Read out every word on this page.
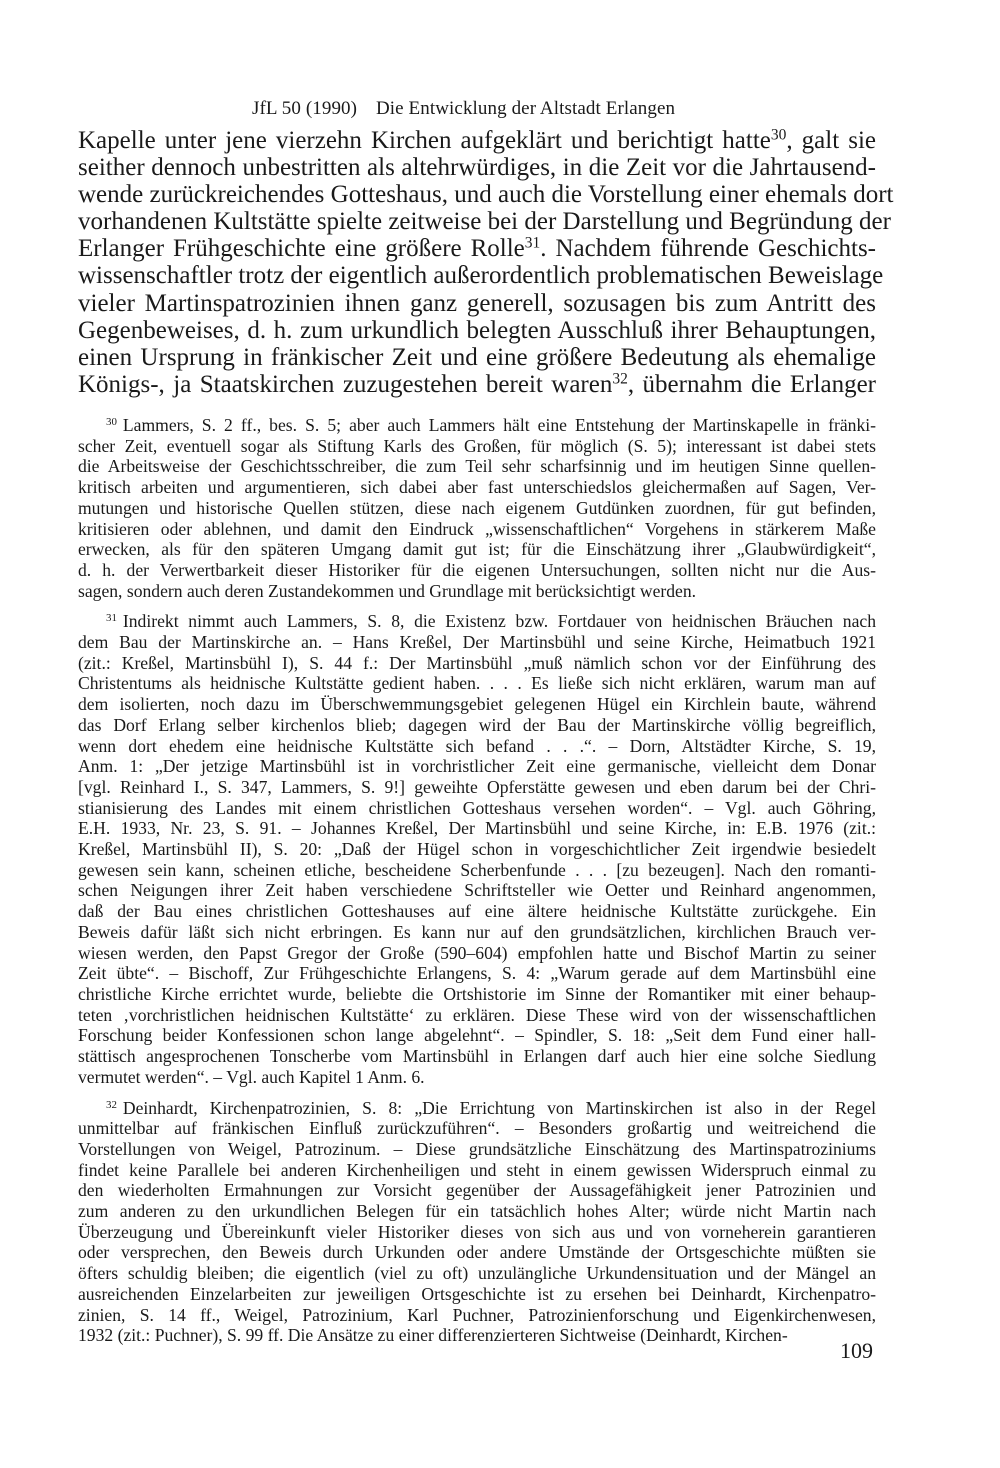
JfL 50 (1990) Die Entwicklung der Altstadt Erlangen
Kapelle unter jene vierzehn Kirchen aufgeklärt und berichtigt hatte$^{30}$, galt sie
seither dennoch unbestritten als altehrwürdiges, in die Zeit vor die Jahrtausend-
wende zurückreichendes Gotteshaus, und auch die Vorstellung einer ehemals dort
vorhandenen Kultstätte spielte zeitweise bei der Darstellung und Begründung der
Erlanger Frühgeschichte eine größere Rolle$^{31}$. Nachdem führende Geschichts-
wissenschaftler trotz der eigentlich außerordentlich problematischen Beweislage
vieler Martinspatrozinien ihnen ganz generell, sozusagen bis zum Antritt des
Gegenbeweises, d. h. zum urkundlich belegten Ausschluß ihrer Behauptungen,
einen Ursprung in fränkischer Zeit und eine größere Bedeutung als ehemalige
Königs-, ja Staatskirchen zuzugestehen bereit waren$^{32}$, übernahm die Erlanger
$^{30}$ Lammers, S. 2 ff., bes. S. 5; aber auch Lammers hält eine Entstehung der Martinskapelle in fränki-
scher Zeit, eventuell sogar als Stiftung Karls des Großen, für möglich (S. 5); interessant ist dabei stets
die Arbeitsweise der Geschichtsschreiber, die zum Teil sehr scharfsinnig und im heutigen Sinne quellen-
kritisch arbeiten und argumentieren, sich dabei aber fast unterschiedslos gleichermaßen auf Sagen, Ver-
mutungen und historische Quellen stützen, diese nach eigenem Gutdünken zuordnen, für gut befinden,
kritisieren oder ablehnen, und damit den Eindruck „wissenschaftlichen“ Vorgehens in stärkerem Maße
erwecken, als für den späteren Umgang damit gut ist; für die Einschätzung ihrer „Glaubwürdigkeit“,
d. h. der Verwertbarkeit dieser Historiker für die eigenen Untersuchungen, sollten nicht nur die Aus-
sagen, sondern auch deren Zustandekommen und Grundlage mit berücksichtigt werden.
$^{31}$ Indirekt nimmt auch Lammers, S. 8, die Existenz bzw. Fortdauer von heidnischen Bräuchen nach
dem Bau der Martinskirche an. – Hans Kreßel, Der Martinsbühl und seine Kirche, Heimatbuch 1921
(zit.: Kreßel, Martinsbühl I), S. 44 f.: Der Martinsbühl „muß nämlich schon vor der Einführung des
Christentums als heidnische Kultstätte gedient haben. . . . Es ließe sich nicht erklären, warum man auf
dem isolierten, noch dazu im Überschwemmungsgebiet gelegenen Hügel ein Kirchlein baute, während
das Dorf Erlang selber kirchenlos blieb; dagegen wird der Bau der Martinskirche völlig begreiflich,
wenn dort ehedem eine heidnische Kultstätte sich befand . . .“. – Dorn, Altstädter Kirche, S. 19,
Anm. 1: „Der jetzige Martinsbühl ist in vorchristlicher Zeit eine germanische, vielleicht dem Donar
[vgl. Reinhard I., S. 347, Lammers, S. 9!] geweihte Opferstätte gewesen und eben darum bei der Chri-
stianisierung des Landes mit einem christlichen Gotteshaus versehen worden“. – Vgl. auch Göhring,
E.H. 1933, Nr. 23, S. 91. – Johannes Kreßel, Der Martinsbühl und seine Kirche, in: E.B. 1976 (zit.:
Kreßel, Martinsbühl II), S. 20: „Daß der Hügel schon in vorgeschichtlicher Zeit irgendwie besiedelt
gewesen sein kann, scheinen etliche, bescheidene Scherbenfunde . . . [zu bezeugen]. Nach den romanti-
schen Neigungen ihrer Zeit haben verschiedene Schriftsteller wie Oetter und Reinhard angenommen,
daß der Bau eines christlichen Gotteshauses auf eine ältere heidnische Kultstätte zurückgehe. Ein
Beweis dafür läßt sich nicht erbringen. Es kann nur auf den grundsätzlichen, kirchlichen Brauch ver-
wiesen werden, den Papst Gregor der Große (590–604) empfohlen hatte und Bischof Martin zu seiner
Zeit übte“. – Bischoff, Zur Frühgeschichte Erlangens, S. 4: „Warum gerade auf dem Martinsbühl eine
christliche Kirche errichtet wurde, beliebte die Ortshistorie im Sinne der Romantiker mit einer behaup-
teten ‚vorchristlichen heidnischen Kultstätte‘ zu erklären. Diese These wird von der wissenschaftlichen
Forschung beider Konfessionen schon lange abgelehnt“. – Spindler, S. 18: „Seit dem Fund einer hall-
stättisch angesprochenen Tonscherbe vom Martinsbühl in Erlangen darf auch hier eine solche Siedlung
vermutet werden“. – Vgl. auch Kapitel 1 Anm. 6.
$^{32}$ Deinhardt, Kirchenpatrozinien, S. 8: „Die Errichtung von Martinskirchen ist also in der Regel
unmittelbar auf fränkischen Einfluß zurückzuführen“. – Besonders großartig und weitreichend die
Vorstellungen von Weigel, Patrozinum. – Diese grundsätzliche Einschätzung des Martinspatroziniums
findet keine Parallele bei anderen Kirchenheiligen und steht in einem gewissen Widerspruch einmal zu
den wiederholten Ermahnungen zur Vorsicht gegenüber der Aussagefähigkeit jener Patrozinien und
zum anderen zu den urkundlichen Belegen für ein tatsächlich hohes Alter; würde nicht Martin nach
Überzeugung und Übereinkunft vieler Historiker dieses von sich aus und von vorneherein garantieren
oder versprechen, den Beweis durch Urkunden oder andere Umstände der Ortsgeschichte müßten sie
öfters schuldig bleiben; die eigentlich (viel zu oft) unzulängliche Urkundensituation und der Mängel an
ausreichenden Einzelarbeiten zur jeweiligen Ortsgeschichte ist zu ersehen bei Deinhardt, Kirchenpatro-
zinien, S. 14 ff., Weigel, Patrozinium, Karl Puchner, Patrozinienforschung und Eigenkirchenwesen,
1932 (zit.: Puchner), S. 99 ff. Die Ansätze zu einer differenzierteren Sichtweise (Deinhardt, Kirchen-
109
